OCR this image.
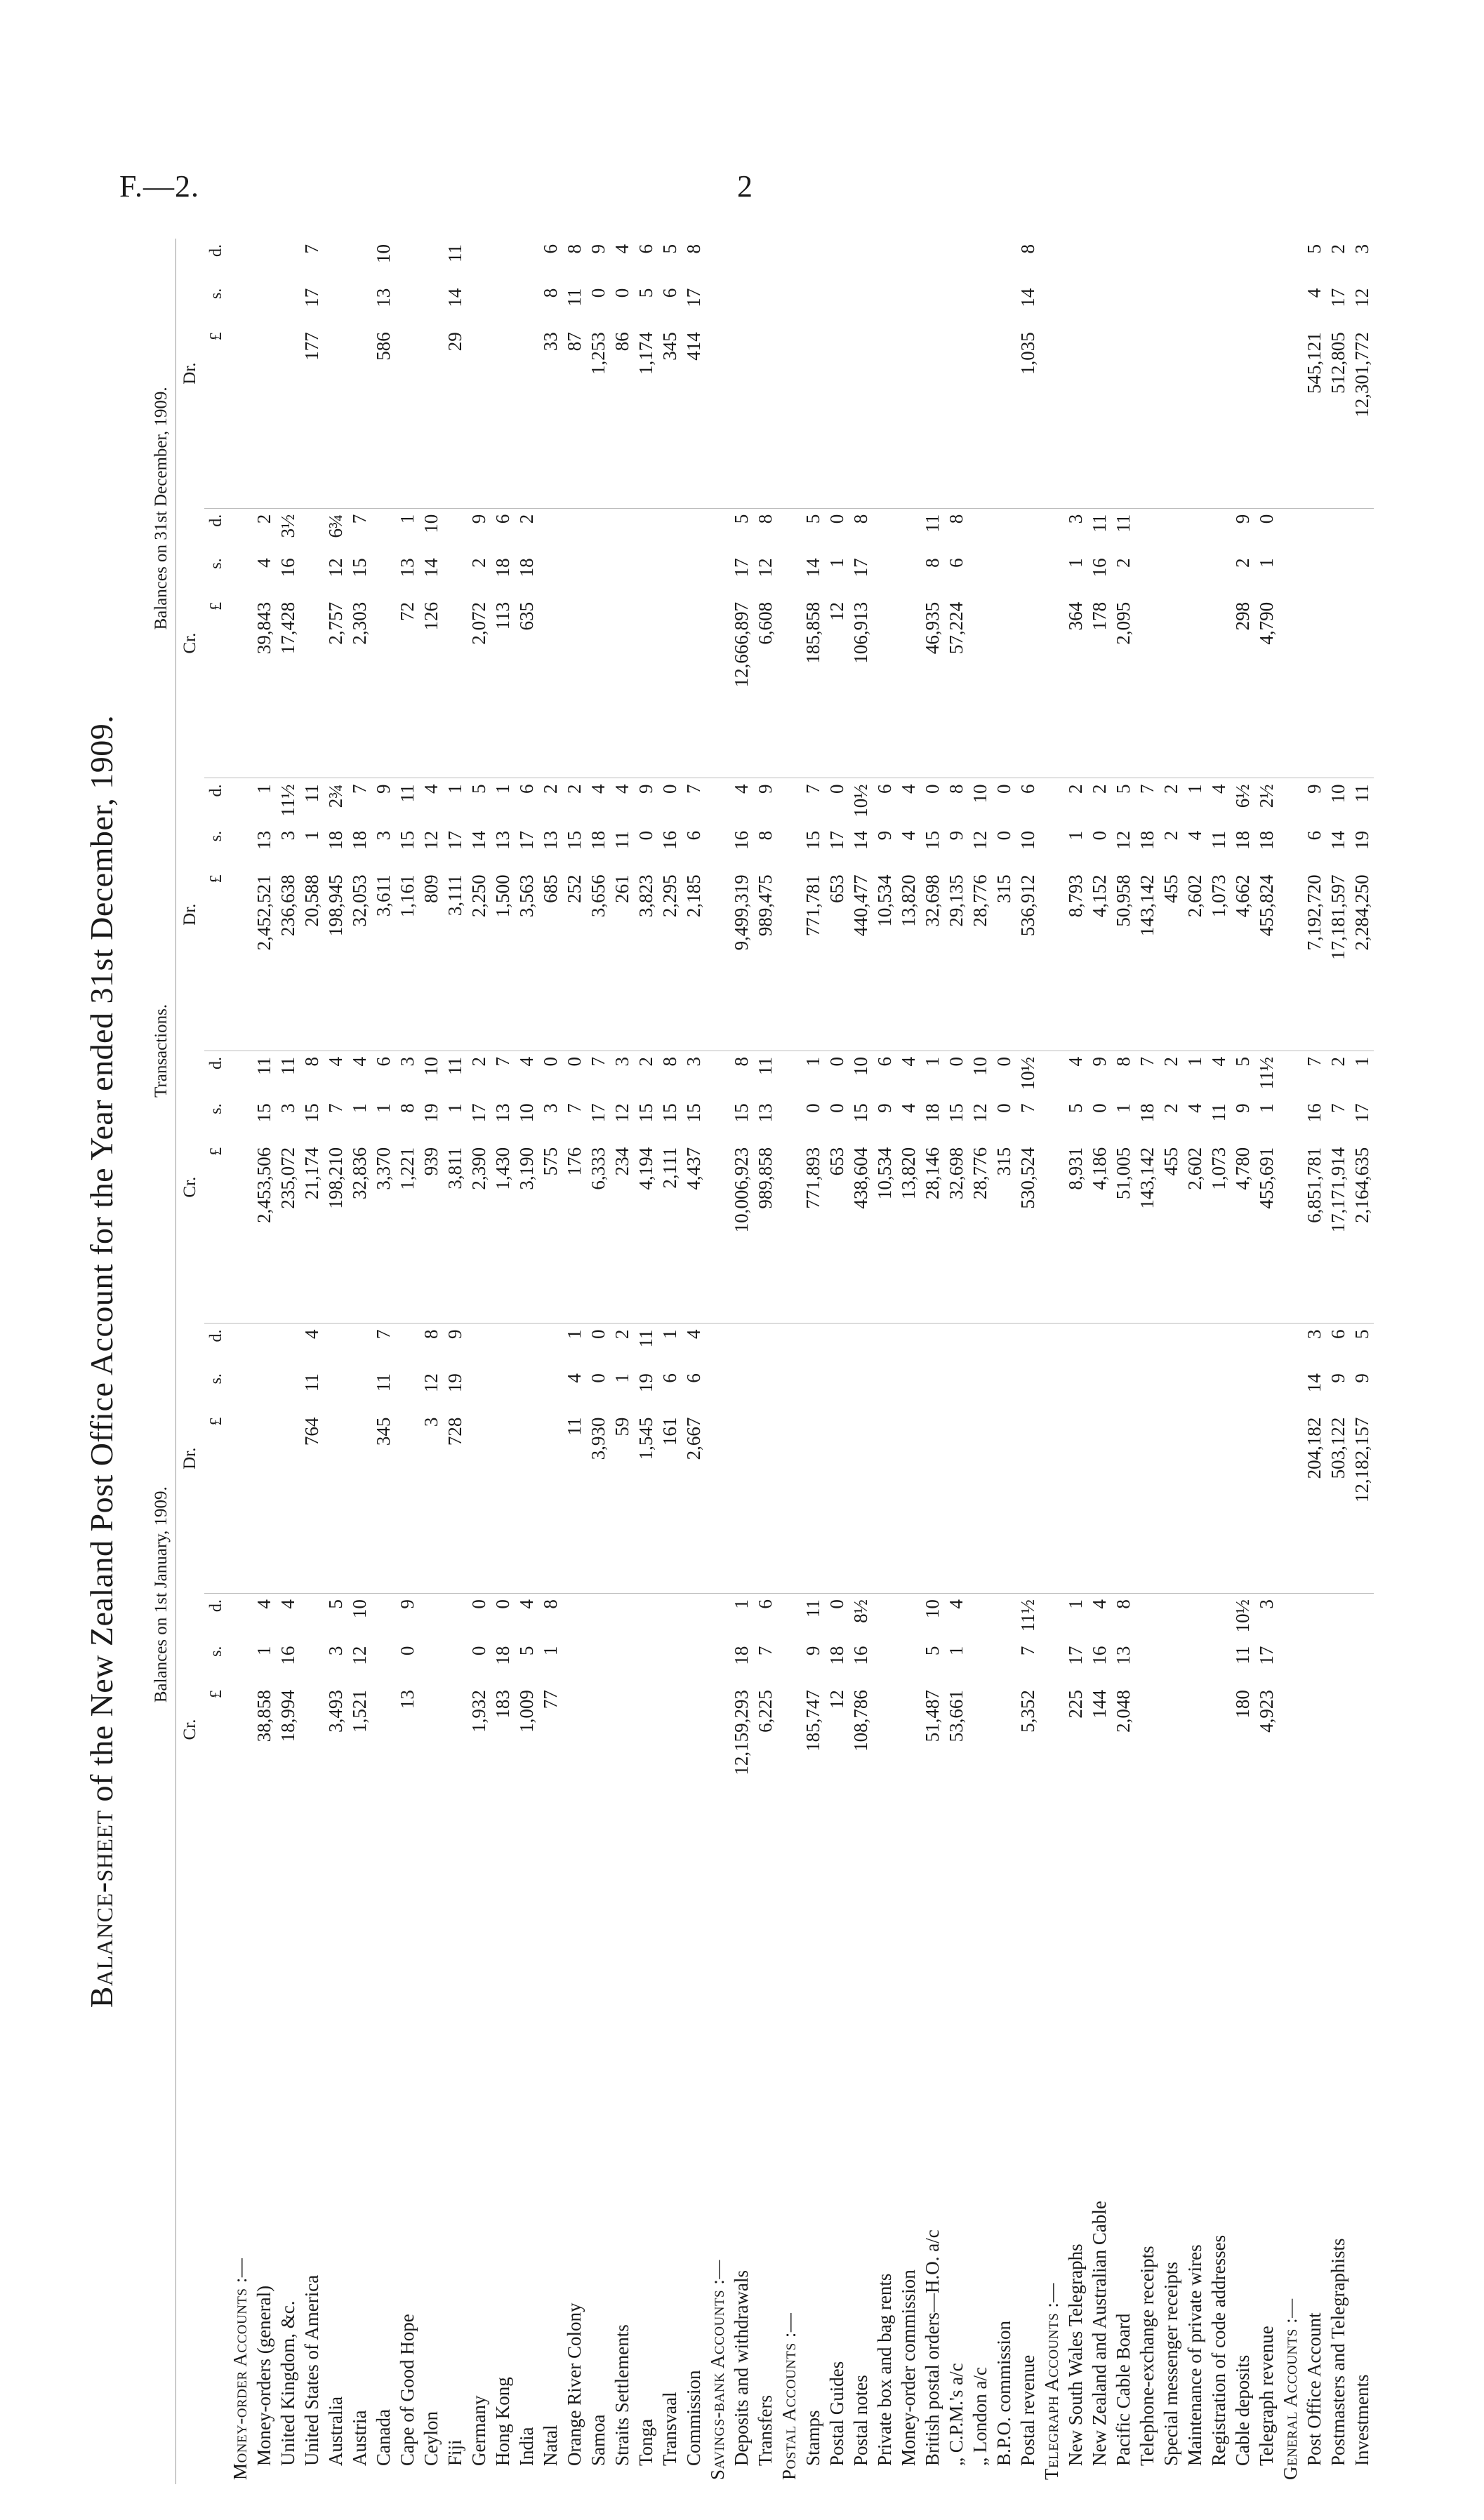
F.—2.	2
Balance-sheet of the New Zealand Post Office Account for the Year ended 31st December, 1909.
		Balances on 1st January, 1909.						Transactions.						Balances on 31st December, 1909.					
	Cr.			Dr.			Cr.			Dr.			Cr.			Dr.		
	£	s.	d.	£	s.	d.	£	s.	d.	£	s.	d.	£	s.	d.	£	s.	d.
Money-order Accounts :—																		
Money-orders (general)	38,858	1	4				2,453,506	15	11	2,452,521	13	1	39,843	4	2			
United Kingdom, &c.	18,994	16	4				235,072	3	11	236,638	3	11½	17,428	16	3½			
United States of America				764	11	4	21,174	15	8	20,588	1	11				177	17	7
Australia	3,493	3	5				198,210	7	4	198,945	18	2¾	2,757	12	6¾			
Austria	1,521	12	10				32,836	1	4	32,053	18	7	2,303	15	7			
Canada				345	11	7	3,370	1	6	3,611	3	9				586	13	10
Cape of Good Hope	13	0	9				1,221	8	3	1,161	15	11	72	13	1			
Ceylon				3	12	8	939	19	10	809	12	4	126	14	10			
Fiji				728	19	9	3,811	1	11	3,111	17	1				29	14	11
Germany	1,932	0	0				2,390	17	2	2,250	14	5	2,072	2	9			
Hong Kong	183	18	0				1,430	13	7	1,500	13	1	113	18	6			
India	1,009	5	4				3,190	10	4	3,563	17	6	635	18	2			
Natal	77	1	8				575	3	0	685	13	2				33	8	6
Orange River Colony				11	4	1	176	7	0	252	15	2				87	11	8
Samoa				3,930	0	0	6,333	17	7	3,656	18	4				1,253	0	9
Straits Settlements				59	1	2	234	12	3	261	11	4				86	0	4
Tonga				1,545	19	11	4,194	15	2	3,823	0	9				1,174	5	6
Transvaal				161	6	1	2,111	15	8	2,295	16	0				345	6	5
Commission				2,667	6	4	4,437	15	3	2,185	6	7				414	17	8
Savings-bank Accounts :—																		
Deposits and withdrawals	12,159,293	18	1				10,006,923	15	8	9,499,319	16	4	12,666,897	17	5			
Transfers	6,225	7	6				989,858	13	11	989,475	8	9	6,608	12	8			
Postal Accounts :—																		
Stamps	185,747	9	11				771,893	0	1	771,781	15	7	185,858	14	5			
Postal Guides	12	18	0				653	0	0	653	17	0	12	1	0			
Postal notes	108,786	16	8½				438,604	15	10	440,477	14	10½	106,913	17	8			
Private box and bag rents							10,534	9	6	10,534	9	6						
Money-order commission							13,820	4	4	13,820	4	4						
British postal orders—H.O. a/c	51,487	5	10				28,146	18	1	32,698	15	0	46,935	8	11			
„ C.P.M.'s a/c	53,661	1	4				32,698	15	0	29,135	9	8	57,224	6	8			
„ London a/c							28,776	12	10	28,776	12	10						
B.P.O. commission							315	0	0	315	0	0						
Postal revenue	5,352	7	11½				530,524	7	10½	536,912	10	6				1,035	14	8
Telegraph Accounts :—																		
New South Wales Telegraphs	225	17	1				8,931	5	4	8,793	1	2	364	1	3			
New Zealand and Australian Cable	144	16	4				4,186	0	9	4,152	0	2	178	16	11			
Pacific Cable Board	2,048	13	8				51,005	1	8	50,958	12	5	2,095	2	11			
Telephone-exchange receipts							143,142	18	7	143,142	18	7						
Special messenger receipts							455	2	2	455	2	2						
Maintenance of private wires							2,602	4	1	2,602	4	1						
Registration of code addresses							1,073	11	4	1,073	11	4						
Cable deposits	180	11	10½				4,780	9	5	4,662	18	6½	298	2	9			
Telegraph revenue	4,923	17	3				455,691	1	11½	455,824	18	2½	4,790	1	0			
General Accounts :—																		
Post Office Account				204,182	14	3	6,851,781	16	7	7,192,720	6	9				545,121	4	5
Postmasters and Telegraphists				503,122	9	6	17,171,914	7	2	17,181,597	14	10				512,805	17	2
Investments				12,182,157	9	5	2,164,635	17	1	2,284,250	19	11				12,301,772	12	3
